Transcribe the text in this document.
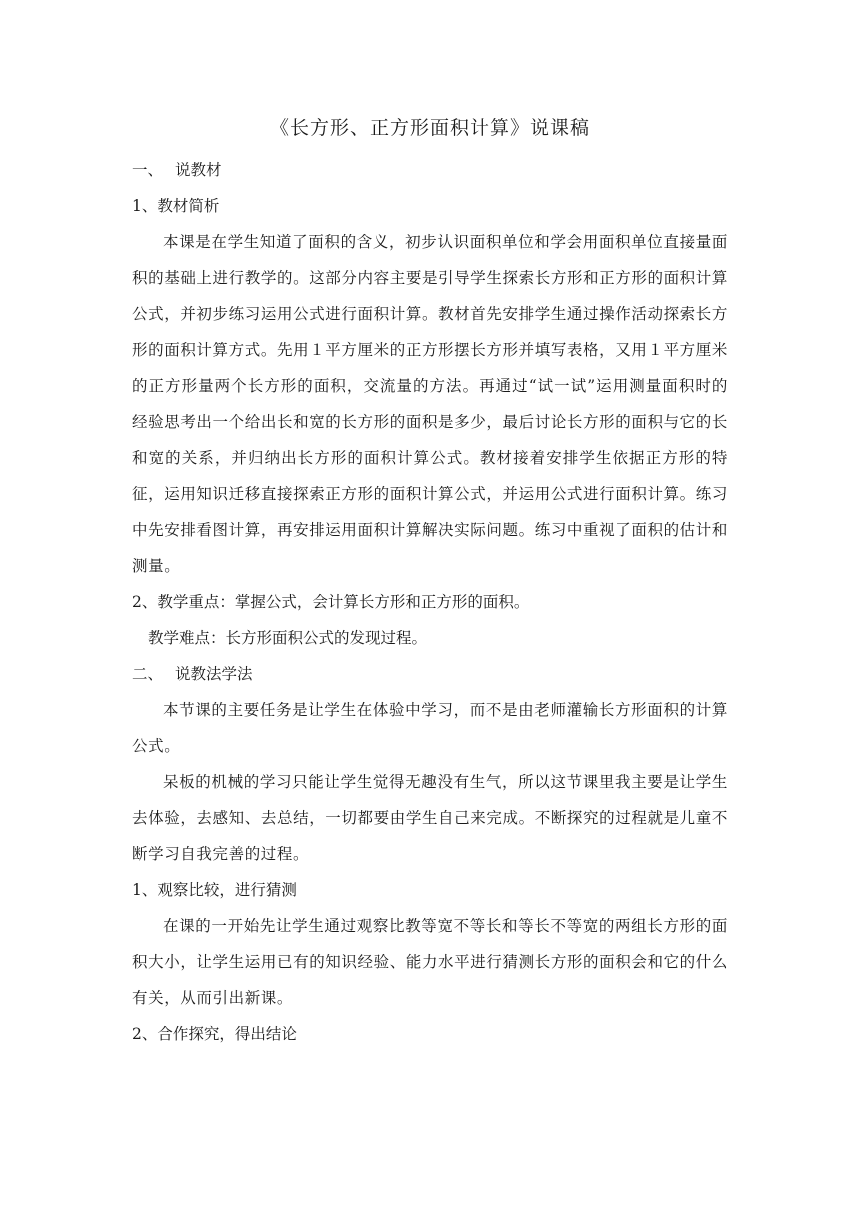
《长方形、正方形面积计算》说课稿

一、 说教材

1、教材简析

本课是在学生知道了面积的含义，初步认识面积单位和学会用面积单位直接量面积的基础上进行教学的。这部分内容主要是引导学生探索长方形和正方形的面积计算公式，并初步练习运用公式进行面积计算。教材首先安排学生通过操作活动探索长方形的面积计算方式。先用１平方厘米的正方形摆长方形并填写表格，又用１平方厘米的正方形量两个长方形的面积，交流量的方法。再通过“试一试”运用测量面积时的经验思考出一个给出长和宽的长方形的面积是多少，最后讨论长方形的面积与它的长和宽的关系，并归纳出长方形的面积计算公式。教材接着安排学生依据正方形的特征，运用知识迁移直接探索正方形的面积计算公式，并运用公式进行面积计算。练习中先安排看图计算，再安排运用面积计算解决实际问题。练习中重视了面积的估计和测量。

2、教学重点：掌握公式，会计算长方形和正方形的面积。

教学难点：长方形面积公式的发现过程。

二、 说教法学法

本节课的主要任务是让学生在体验中学习，而不是由老师灌输长方形面积的计算公式。

呆板的机械的学习只能让学生觉得无趣没有生气，所以这节课里我主要是让学生去体验，去感知、去总结，一切都要由学生自己来完成。不断探究的过程就是儿童不断学习自我完善的过程。

1、观察比较，进行猜测

在课的一开始先让学生通过观察比教等宽不等长和等长不等宽的两组长方形的面积大小，让学生运用已有的知识经验、能力水平进行猜测长方形的面积会和它的什么有关，从而引出新课。

2、合作探究，得出结论
